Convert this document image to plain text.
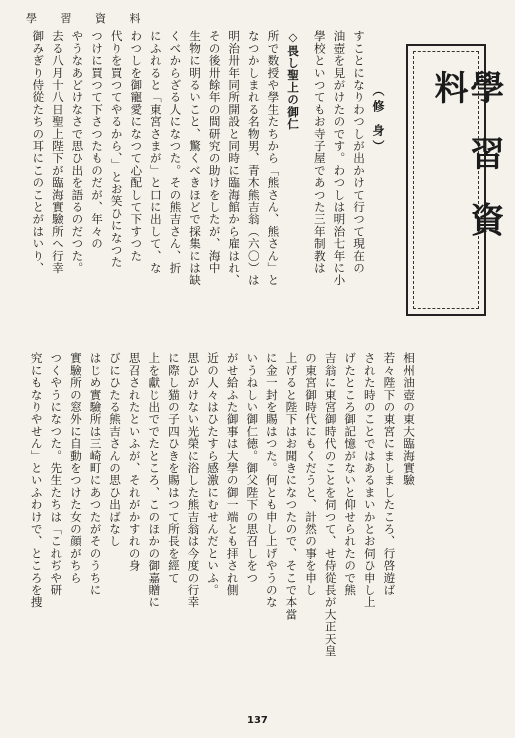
學 習 資 料
學習資料
（修 身）

◇畏し聖上の御仁

所で数授や學生たちから「熊さん、熊さん」と

なつかしまれる名物男、青木熊吉翁（六〇）は

明治卅年同所開設と同時に臨海館から雇はれ、

その後卅餘年の間研究の助けをしたが、海中

生物に明るいこと、驚くべきほどで採集には缺

くべからざる人になつた。その熊吉さん、折

にふれると「東宮さまが」と口に出して、な

わつしを御寵愛になつて心配して下すつた

代りを買つてやるから、」とお笑ひになつた

つけに買つて下さつたものだが、年々の

やうなあどけなさで思ひ出を語るのだつた。

去る八月十八日聖上陛下が臨海實驗所へ行幸

御みぎり侍從たちの耳にこのことがはいり、

相州油壺の東大臨海實驗

若々陛下の東宮にましましたころ、行啓遊ば

された時のことではあるまいかとお伺ひ申し上

げたところ御記憶がないと仰せられたので熊

吉翁に東宮御時代のことを伺つて、せ侍從長が大正天皇

の東宮御時代にもくだうと、計然の事を申し

上げると陛下はお聞きになつたので、そこで本當

に金一封を賜はつた。何とも申し上げやうのな

いうねしい御仁徳。御父陛下の思召しをつ

がせ給ふた御事は大學の御一端とも拝され側

近の人々はひたすら感激にむせんだといふ。

思ひがけない光榮に浴した熊吉翁は今度の行幸

に際し猫の子四ひきを賜はつて所長を經て

上を獻じ出ででたところ、このほかの御嘉贈に

思召されたといふが、それがかすれの身

びにひたる熊吉さんの思ひ出ばなし

はじめ實驗所は三崎町にあつたがそのうちに

實驗所の窓外に自動をつけた女の顔がちら

つくやうになつた。先生たちは「これぢや研

究にもなりやせん」といふわけで、ところを捜

すことになりわつしが出かけて行つて現在の

油壺を見がけたのです。わつしは明治七年に小

學校といつてもお寺子屋であつた三年制教は

137
